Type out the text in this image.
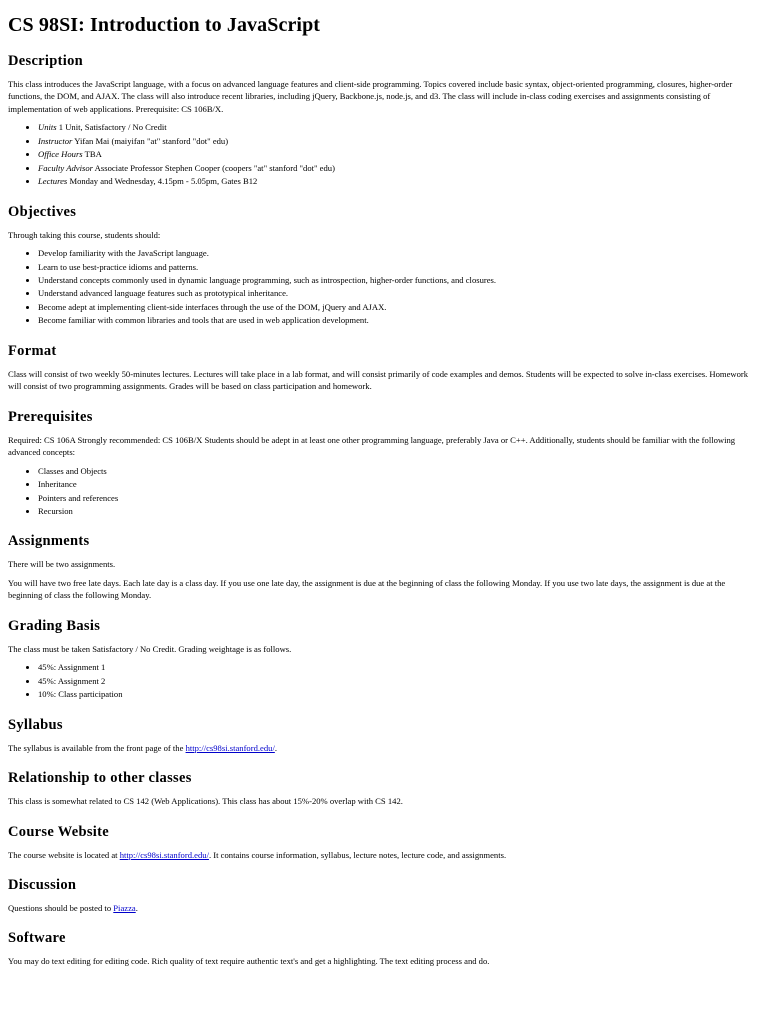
CS 98SI: Introduction to JavaScript
Description

This class introduces the JavaScript language, with a focus on advanced language features and client-side programming. Topics covered include basic syntax, object-oriented programming, closures, higher-order functions, the DOM, and AJAX. The class will also introduce recent libraries, including jQuery, Backbone.js, node.js, and d3. The class will include in-class coding exercises and assignments consisting of implementation of web applications. Prerequisite: CS 106B/X.

• Units 1 Unit, Satisfactory / No Credit
• Instructor Yifan Mai (maiyifan "at" stanford "dot" edu)
• Office Hours TBA
• Faculty Advisor Associate Professor Stephen Cooper (coopers "at" stanford "dot" edu)
• Lectures Monday and Wednesday, 4.15pm - 5.05pm, Gates B12
Objectives

Through taking this course, students should:

• Develop familiarity with the JavaScript language.
• Learn to use best-practice idioms and patterns.
• Understand concepts commonly used in dynamic language programming, such as introspection, higher-order functions, and closures.
• Understand advanced language features such as prototypical inheritance.
• Become adept at implementing client-side interfaces through the use of the DOM, jQuery and AJAX.
• Become familiar with common libraries and tools that are used in web application development.
Format

Class will consist of two weekly 50-minutes lectures. Lectures will take place in a lab format, and will consist primarily of code examples and demos. Students will be expected to solve in-class exercises. Homework will consist of two programming assignments. Grades will be based on class participation and homework.

Prerequisites

Required: CS 106A Strongly recommended: CS 106B/X Students should be adept in at least one other programming language, preferably Java or C++. Additionally, students should be familiar with the following advanced concepts:

• Classes and Objects
• Inheritance
• Pointers and references
• Recursion
Assignments

There will be two assignments.

You will have two free late days. Each late day is a class day. If you use one late day, the assignment is due at the beginning of class the following Monday. If you use two late days, the assignment is due at the beginning of class the following Monday.

Grading Basis

The class must be taken Satisfactory / No Credit. Grading weightage is as follows.

• 45%: Assignment 1
• 45%: Assignment 2
• 10%: Class participation
Syllabus

The syllabus is available from the front page of the http://cs98si.stanford.edu/.

Relationship to other classes

This class is somewhat related to CS 142 (Web Applications). This class has about 15%-20% overlap with CS 142.

Course Website

The course website is located at http://cs98si.stanford.edu/. It contains course information, syllabus, lecture notes, lecture code, and assignments.

Discussion

Questions should be posted to Piazza.

Software

You may do text editing for editing code. Rich quality of text require authentic text's and get a highlighting. The text editing process and do.
